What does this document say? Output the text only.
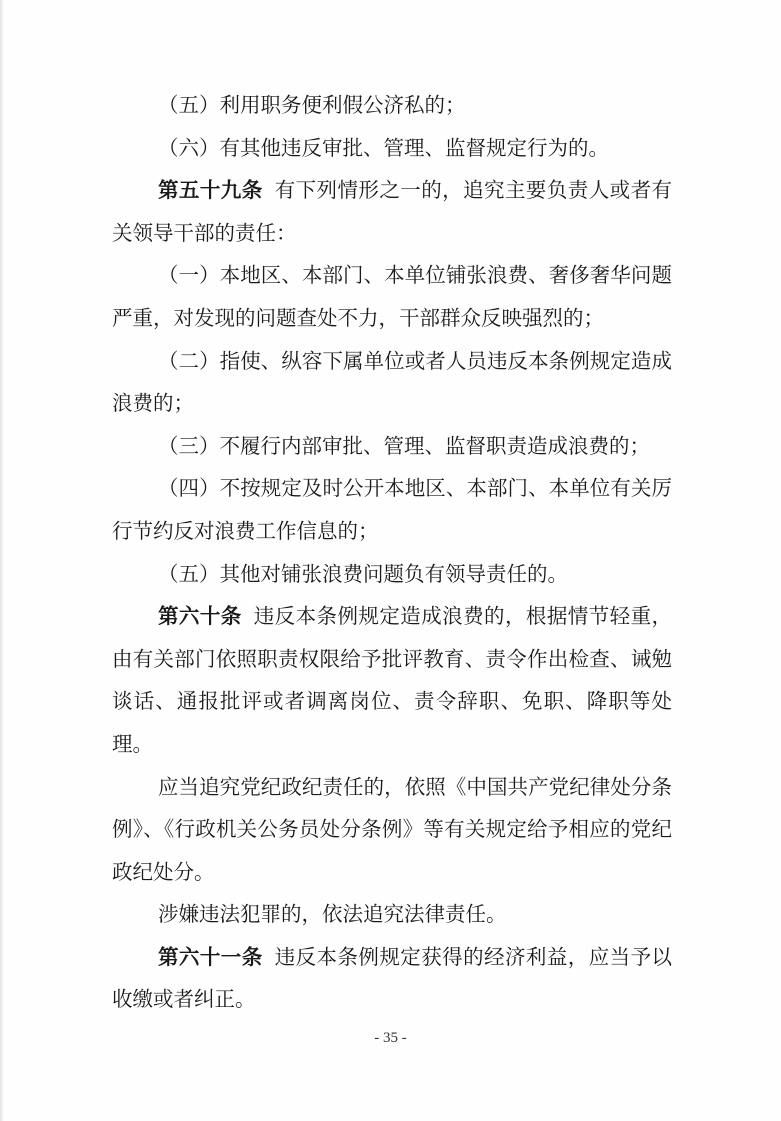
（五）利用职务便利假公济私的；

（六）有其他违反审批、管理、监督规定行为的。

第五十九条 有下列情形之一的，追究主要负责人或者有关领导干部的责任：

（一）本地区、本部门、本单位铺张浪费、奢侈奢华问题严重，对发现的问题查处不力，干部群众反映强烈的；

（二）指使、纵容下属单位或者人员违反本条例规定造成浪费的；

（三）不履行内部审批、管理、监督职责造成浪费的；

（四）不按规定及时公开本地区、本部门、本单位有关厉行节约反对浪费工作信息的；

（五）其他对铺张浪费问题负有领导责任的。

第六十条 违反本条例规定造成浪费的，根据情节轻重，由有关部门依照职责权限给予批评教育、责令作出检查、诫勉谈话、通报批评或者调离岗位、责令辞职、免职、降职等处理。

应当追究党纪政纪责任的，依照《中国共产党纪律处分条例》、《行政机关公务员处分条例》等有关规定给予相应的党纪政纪处分。

涉嫌违法犯罪的，依法追究法律责任。

第六十一条 违反本条例规定获得的经济利益，应当予以收缴或者纠正。

- 35 -
